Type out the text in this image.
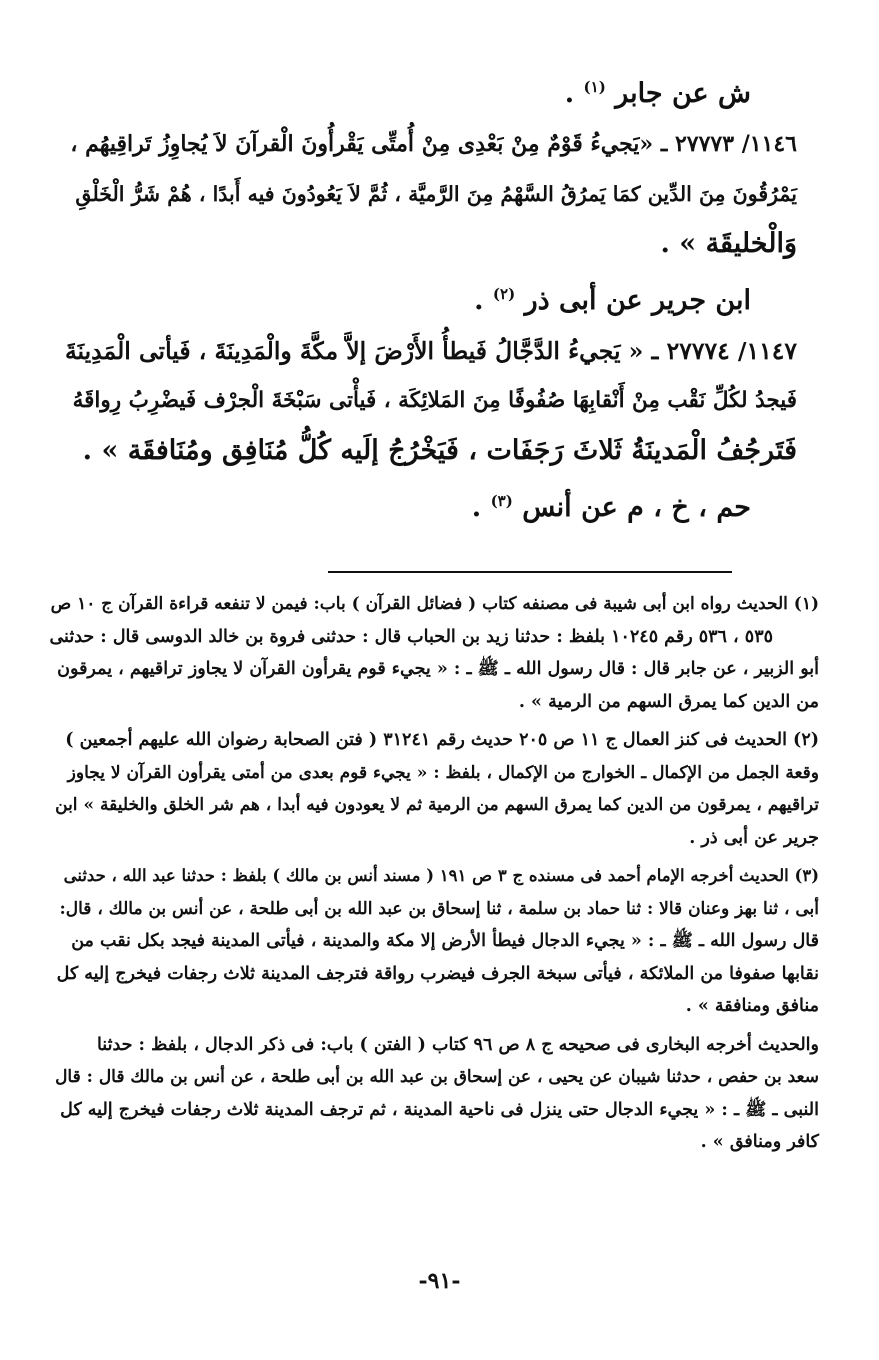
ش عن جابر $^{(١)}$ .

١١٤٦/ ٢٧٧٧٣ ـ «يَجيءُ قَوْمٌ مِنْ بَعْدِى مِنْ أُمتِّى يَقْرأُونَ الْقرآنَ لاَ يُجاوِزُ تَراقِيهُم ،

يَمْرُقُونَ مِنَ الدِّين كمَا يَمرُقُ السَّهْمُ مِنَ الرَّميَّة ، ثُمَّ لاَ يَعُودُونَ فيه أَبدًا ، هُمْ شَرُّ الْخَلْقِ

وَالْخليقَة » .

ابن جرير عن أبى ذر $^{(٢)}$ .

١١٤٧/ ٢٧٧٧٤ ـ « يَجيءُ الدَّجَّالُ فَيطأُ الأَرْضَ إلاَّ مكَّةَ والْمَدِينَةَ ، فَيأتى الْمَدِينَةَ

فَيجدُ لكُلِّ نَقْب مِنْ أَنْقابِهَا صُفُوفًا مِنَ المَلائِكَة ، فَيأْتى سَبْخَةَ الْجرْف فَيضْرِبُ رِواقَهُ

فَتَرجُفُ الْمَدينَةُ ثَلاثَ رَجَفَات ، فَيَخْرُجُ إلَيه كُلُّ مُنَافِق ومُنَافقَة » .

حم ، خ ، م عن أنس $^{(٣)}$ .

(١) الحديث رواه ابن أبى شيبة فى مصنفه كتاب ( فضائل القرآن ) باب: فيمن لا تنفعه قراءة القرآن ج ١٠ ص

٥٣٥ ، ٥٣٦ رقم ١٠٢٤٥ بلفظ : حدثنا زيد بن الحباب قال : حدثنى فروة بن خالد الدوسى قال : حدثنى

أبو الزبير ، عن جابر قال : قال رسول الله ـ ﷺ ـ : « يجيء قوم يقرأون القرآن لا يجاوز تراقيهم ، يمرقون

من الدين كما يمرق السهم من الرمية » .

(٢) الحديث فى كنز العمال ج ١١ ص ٢٠٥ حديث رقم ٣١٢٤١ ( فتن الصحابة رضوان الله عليهم أجمعين )

وقعة الجمل من الإكمال ـ الخوارج من الإكمال ، بلفظ : « يجيء قوم بعدى من أمتى يقرأون القرآن لا يجاوز

تراقيهم ، يمرقون من الدين كما يمرق السهم من الرمية ثم لا يعودون فيه أبدا ، هم شر الخلق والخليقة » ابن

جرير عن أبى ذر .

(٣) الحديث أخرجه الإمام أحمد فى مسنده ج ٣ ص ١٩١ ( مسند أنس بن مالك ) بلفظ : حدثنا عبد الله ، حدثنى

أبى ، ثنا بهز وعنان قالا : ثنا حماد بن سلمة ، ثنا إسحاق بن عبد الله بن أبى طلحة ، عن أنس بن مالك ، قال:

قال رسول الله ـ ﷺ ـ : « يجيء الدجال فيطأ الأرض إلا مكة والمدينة ، فيأتى المدينة فيجد بكل نقب من

نقابها صفوفا من الملائكة ، فيأتى سبخة الجرف فيضرب رواقة فترجف المدينة ثلاث رجفات فيخرج إليه كل

منافق ومنافقة » .

والحديث أخرجه البخارى فى صحيحه ج ٨ ص ٩٦ كتاب ( الفتن ) باب: فى ذكر الدجال ، بلفظ : حدثنا

سعد بن حفص ، حدثنا شيبان عن يحيى ، عن إسحاق بن عبد الله بن أبى طلحة ، عن أنس بن مالك قال : قال

النبى ـ ﷺ ـ : « يجيء الدجال حتى ينزل فى ناحية المدينة ، ثم ترجف المدينة ثلاث رجفات فيخرج إليه كل

كافر ومنافق » .

-٩١-
